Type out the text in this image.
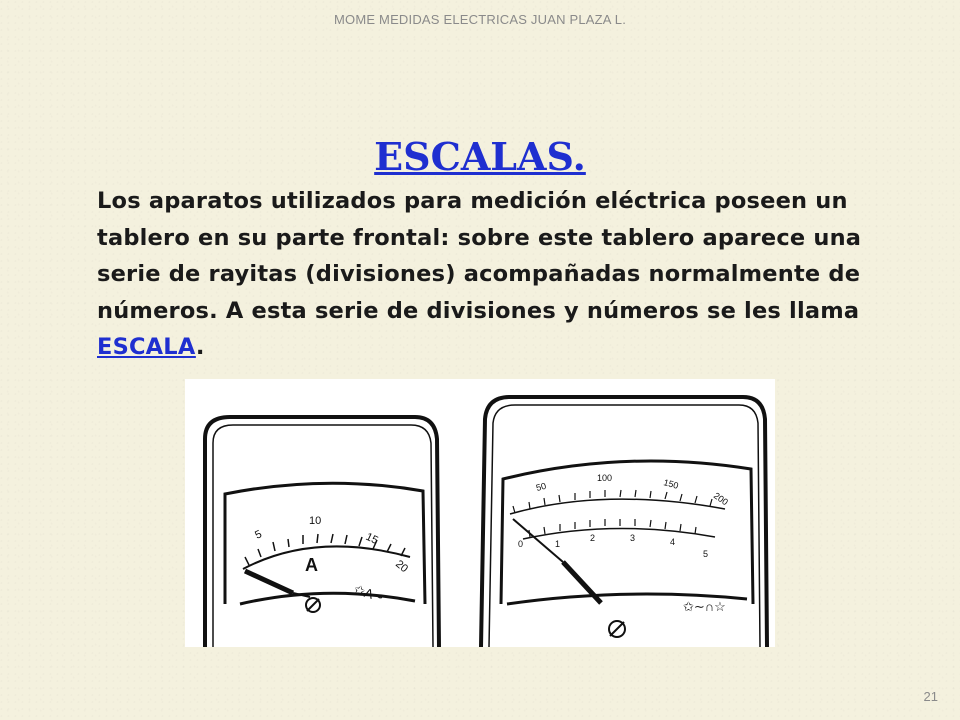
MOME MEDIDAS ELECTRICAS JUAN PLAZA L.
ESCALAS.
Los aparatos utilizados para medición eléctrica poseen un tablero en su parte frontal: sobre este tablero aparece una serie de rayitas (divisiones) acompañadas normalmente de números. A esta serie de divisiones y números se les llama ESCALA.
5
10
15
20
A
✩A∼
50
100	150
200
0	1
2	3	4
5
✩∼∩☆
21
